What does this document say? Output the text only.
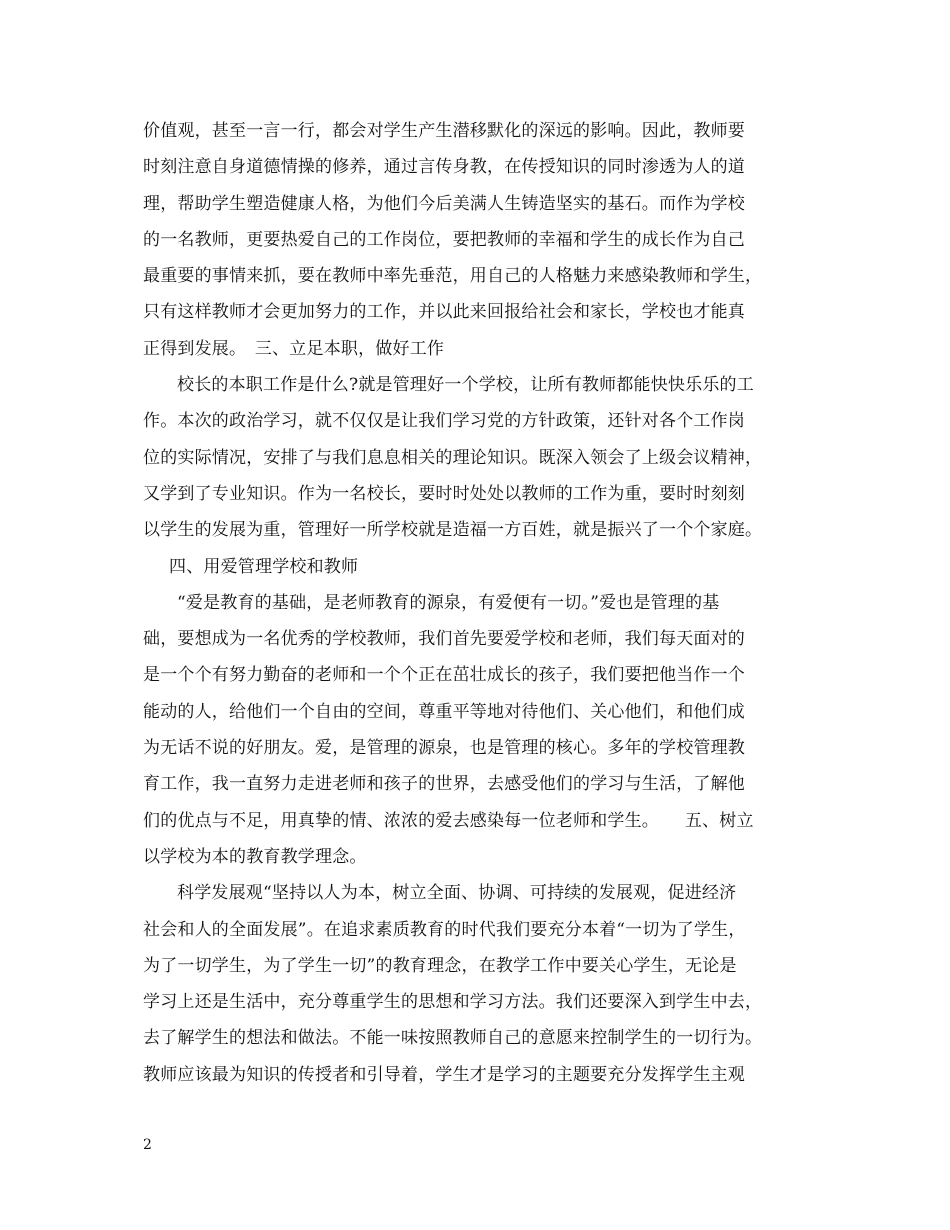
价值观，甚至一言一行，都会对学生产生潜移默化的深远的影响。因此，教师要
时刻注意自身道德情操的修养，通过言传身教，在传授知识的同时渗透为人的道
理，帮助学生塑造健康人格，为他们今后美满人生铸造坚实的基石。而作为学校
的一名教师，更要热爱自己的工作岗位，要把教师的幸福和学生的成长作为自己
最重要的事情来抓，要在教师中率先垂范，用自己的人格魅力来感染教师和学生，
只有这样教师才会更加努力的工作，并以此来回报给社会和家长，学校也才能真
正得到发展。　三、立足本职，做好工作
校长的本职工作是什么?就是管理好一个学校，让所有教师都能快快乐乐的工
作。本次的政治学习，就不仅仅是让我们学习党的方针政策，还针对各个工作岗
位的实际情况，安排了与我们息息相关的理论知识。既深入领会了上级会议精神，
又学到了专业知识。作为一名校长，要时时处处以教师的工作为重，要时时刻刻
以学生的发展为重，管理好一所学校就是造福一方百姓，就是振兴了一个个家庭。
四、用爱管理学校和教师
“爱是教育的基础，是老师教育的源泉，有爱便有一切。”爱也是管理的基
础，要想成为一名优秀的学校教师，我们首先要爱学校和老师，我们每天面对的
是一个个有努力勤奋的老师和一个个正在茁壮成长的孩子，我们要把他当作一个
能动的人，给他们一个自由的空间，尊重平等地对待他们、关心他们，和他们成
为无话不说的好朋友。爱，是管理的源泉，也是管理的核心。多年的学校管理教
育工作，我一直努力走进老师和孩子的世界，去感受他们的学习与生活，了解他
们的优点与不足，用真挚的情、浓浓的爱去感染每一位老师和学生。　　五、树立
以学校为本的教育教学理念。
科学发展观“坚持以人为本，树立全面、协调、可持续的发展观，促进经济
社会和人的全面发展”。在追求素质教育的时代我们要充分本着“一切为了学生，
为了一切学生，为了学生一切”的教育理念，在教学工作中要关心学生，无论是
学习上还是生活中，充分尊重学生的思想和学习方法。我们还要深入到学生中去，
去了解学生的想法和做法。不能一味按照教师自己的意愿来控制学生的一切行为。
教师应该最为知识的传授者和引导着，学生才是学习的主题要充分发挥学生主观
2
